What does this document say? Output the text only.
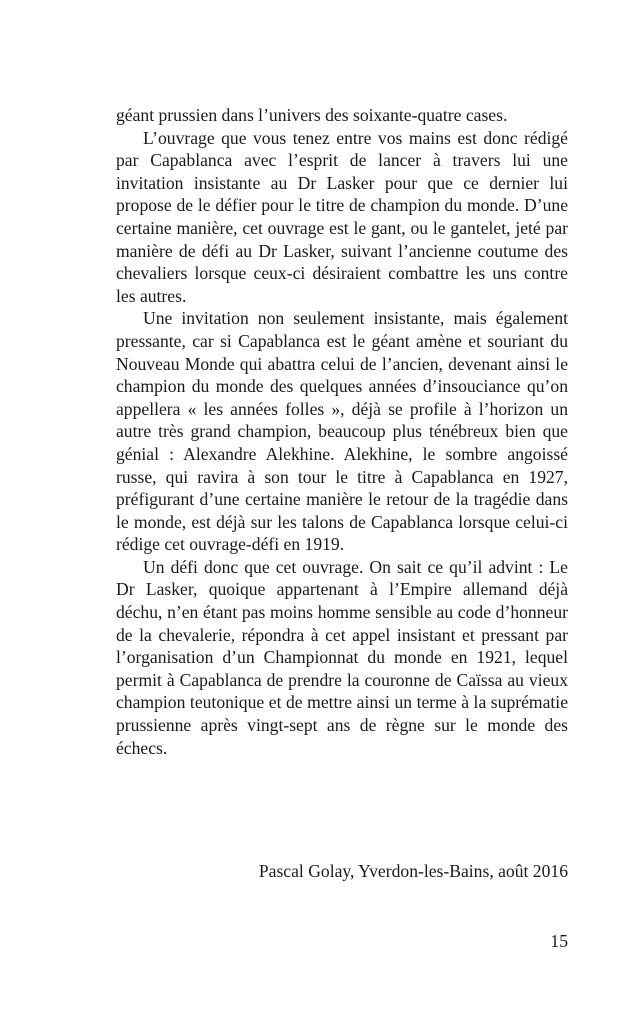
géant prussien dans l’univers des soixante-quatre cases.

L’ouvrage que vous tenez entre vos mains est donc rédigé par Capablanca avec l’esprit de lancer à travers lui une invitation insistante au Dr Lasker pour que ce dernier lui propose de le défier pour le titre de champion du monde. D’une certaine manière, cet ouvrage est le gant, ou le gantelet, jeté par manière de défi au Dr Lasker, suivant l’ancienne coutume des chevaliers lorsque ceux-ci désiraient combattre les uns contre les autres.

Une invitation non seulement insistante, mais également pressante, car si Capablanca est le géant amène et souriant du Nouveau Monde qui abattra celui de l’ancien, devenant ainsi le champion du monde des quelques années d’insouciance qu’on appellera « les années folles », déjà se profile à l’horizon un autre très grand champion, beaucoup plus ténébreux bien que génial : Alexandre Alekhine. Alekhine, le sombre angoissé russe, qui ravira à son tour le titre à Capablanca en 1927, préfigurant d’une certaine manière le retour de la tragédie dans le monde, est déjà sur les talons de Capablanca lorsque celui-ci rédige cet ouvrage-défi en 1919.

Un défi donc que cet ouvrage. On sait ce qu’il advint : Le Dr Lasker, quoique appartenant à l’Empire allemand déjà déchu, n’en étant pas moins homme sensible au code d’honneur de la chevalerie, répondra à cet appel insistant et pressant par l’organisation d’un Championnat du monde en 1921, lequel permit à Capablanca de prendre la couronne de Caïssa au vieux champion teutonique et de mettre ainsi un terme à la suprématie prussienne après vingt-sept ans de règne sur le monde des échecs.

Pascal Golay, Yverdon-les-Bains, août 2016
15
